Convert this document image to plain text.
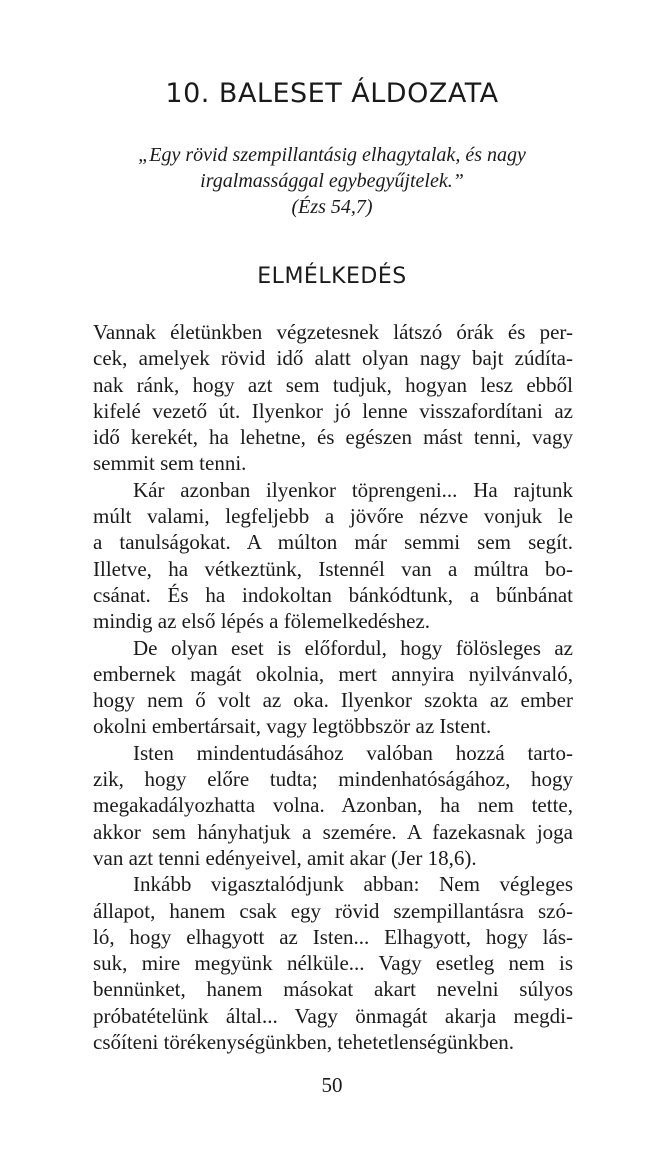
10. BALESET ÁLDOZATA
„Egy rövid szempillantásig elhagytalak, és nagy
irgalmassággal egybegyűjtelek.”
(Ézs 54,7)
ELMÉLKEDÉS
Vannak életünkben végzetesnek látszó órák és per-
cek, amelyek rövid idő alatt olyan nagy bajt zúdíta-
nak ránk, hogy azt sem tudjuk, hogyan lesz ebből
kifelé vezető út. Ilyenkor jó lenne visszafordítani az
idő kerekét, ha lehetne, és egészen mást tenni, vagy
semmit sem tenni.
Kár azonban ilyenkor töprengeni... Ha rajtunk
múlt valami, legfeljebb a jövőre nézve vonjuk le
a tanulságokat. A múlton már semmi sem segít.
Illetve, ha vétkeztünk, Istennél van a múltra bo-
csánat. És ha indokoltan bánkódtunk, a bűnbánat
mindig az első lépés a fölemelkedéshez.
De olyan eset is előfordul, hogy fölösleges az
embernek magát okolnia, mert annyira nyilvánvaló,
hogy nem ő volt az oka. Ilyenkor szokta az ember
okolni embertársait, vagy legtöbbször az Istent.
Isten mindentudásához valóban hozzá tarto-
zik, hogy előre tudta; mindenhatóságához, hogy
megakadályozhatta volna. Azonban, ha nem tette,
akkor sem hányhatjuk a szemére. A fazekasnak joga
van azt tenni edényeivel, amit akar (Jer 18,6).
Inkább vigasztalódjunk abban: Nem végleges
állapot, hanem csak egy rövid szempillantásra szó-
ló, hogy elhagyott az Isten... Elhagyott, hogy lás-
suk, mire megyünk nélküle... Vagy esetleg nem is
bennünket, hanem másokat akart nevelni súlyos
próbatételünk által... Vagy önmagát akarja megdi-
csőíteni törékenységünkben, tehetetlenségünkben.
50
